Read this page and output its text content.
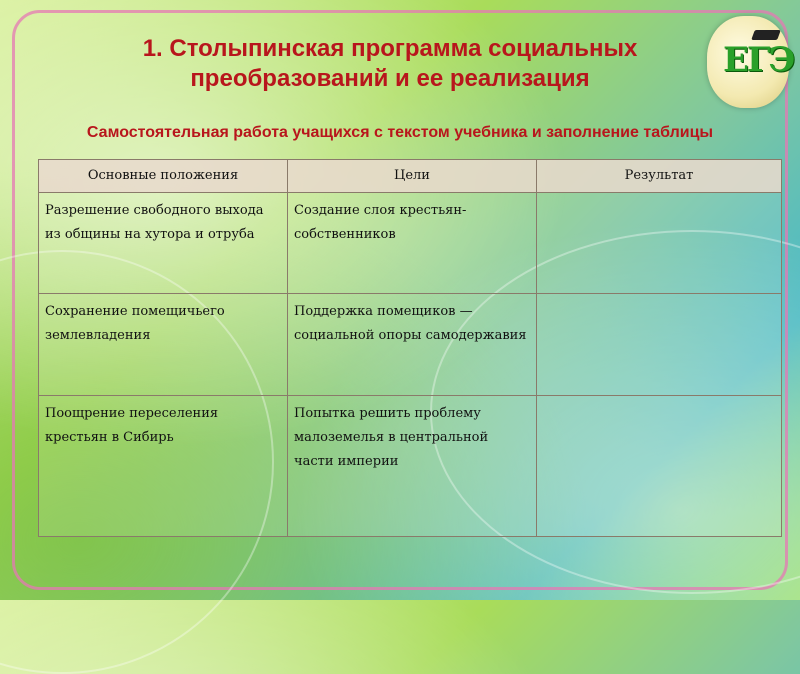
1. Столыпинская программа социальных преобразований и ее реализация	ЕГЭ
Самостоятельная работа учащихся с текстом учебника и заполнение таблицы
Основные положения	Цели	Результат
Разрешение свободного выхода из общины на хутора и отруба	Создание слоя крестьян-собственников	
Сохранение помещичьего землевладения	Поддержка помещиков — социальной опоры самодержавия	
Поощрение переселения крестьян в Сибирь	Попытка решить проблему малоземелья в центральной части империи	
